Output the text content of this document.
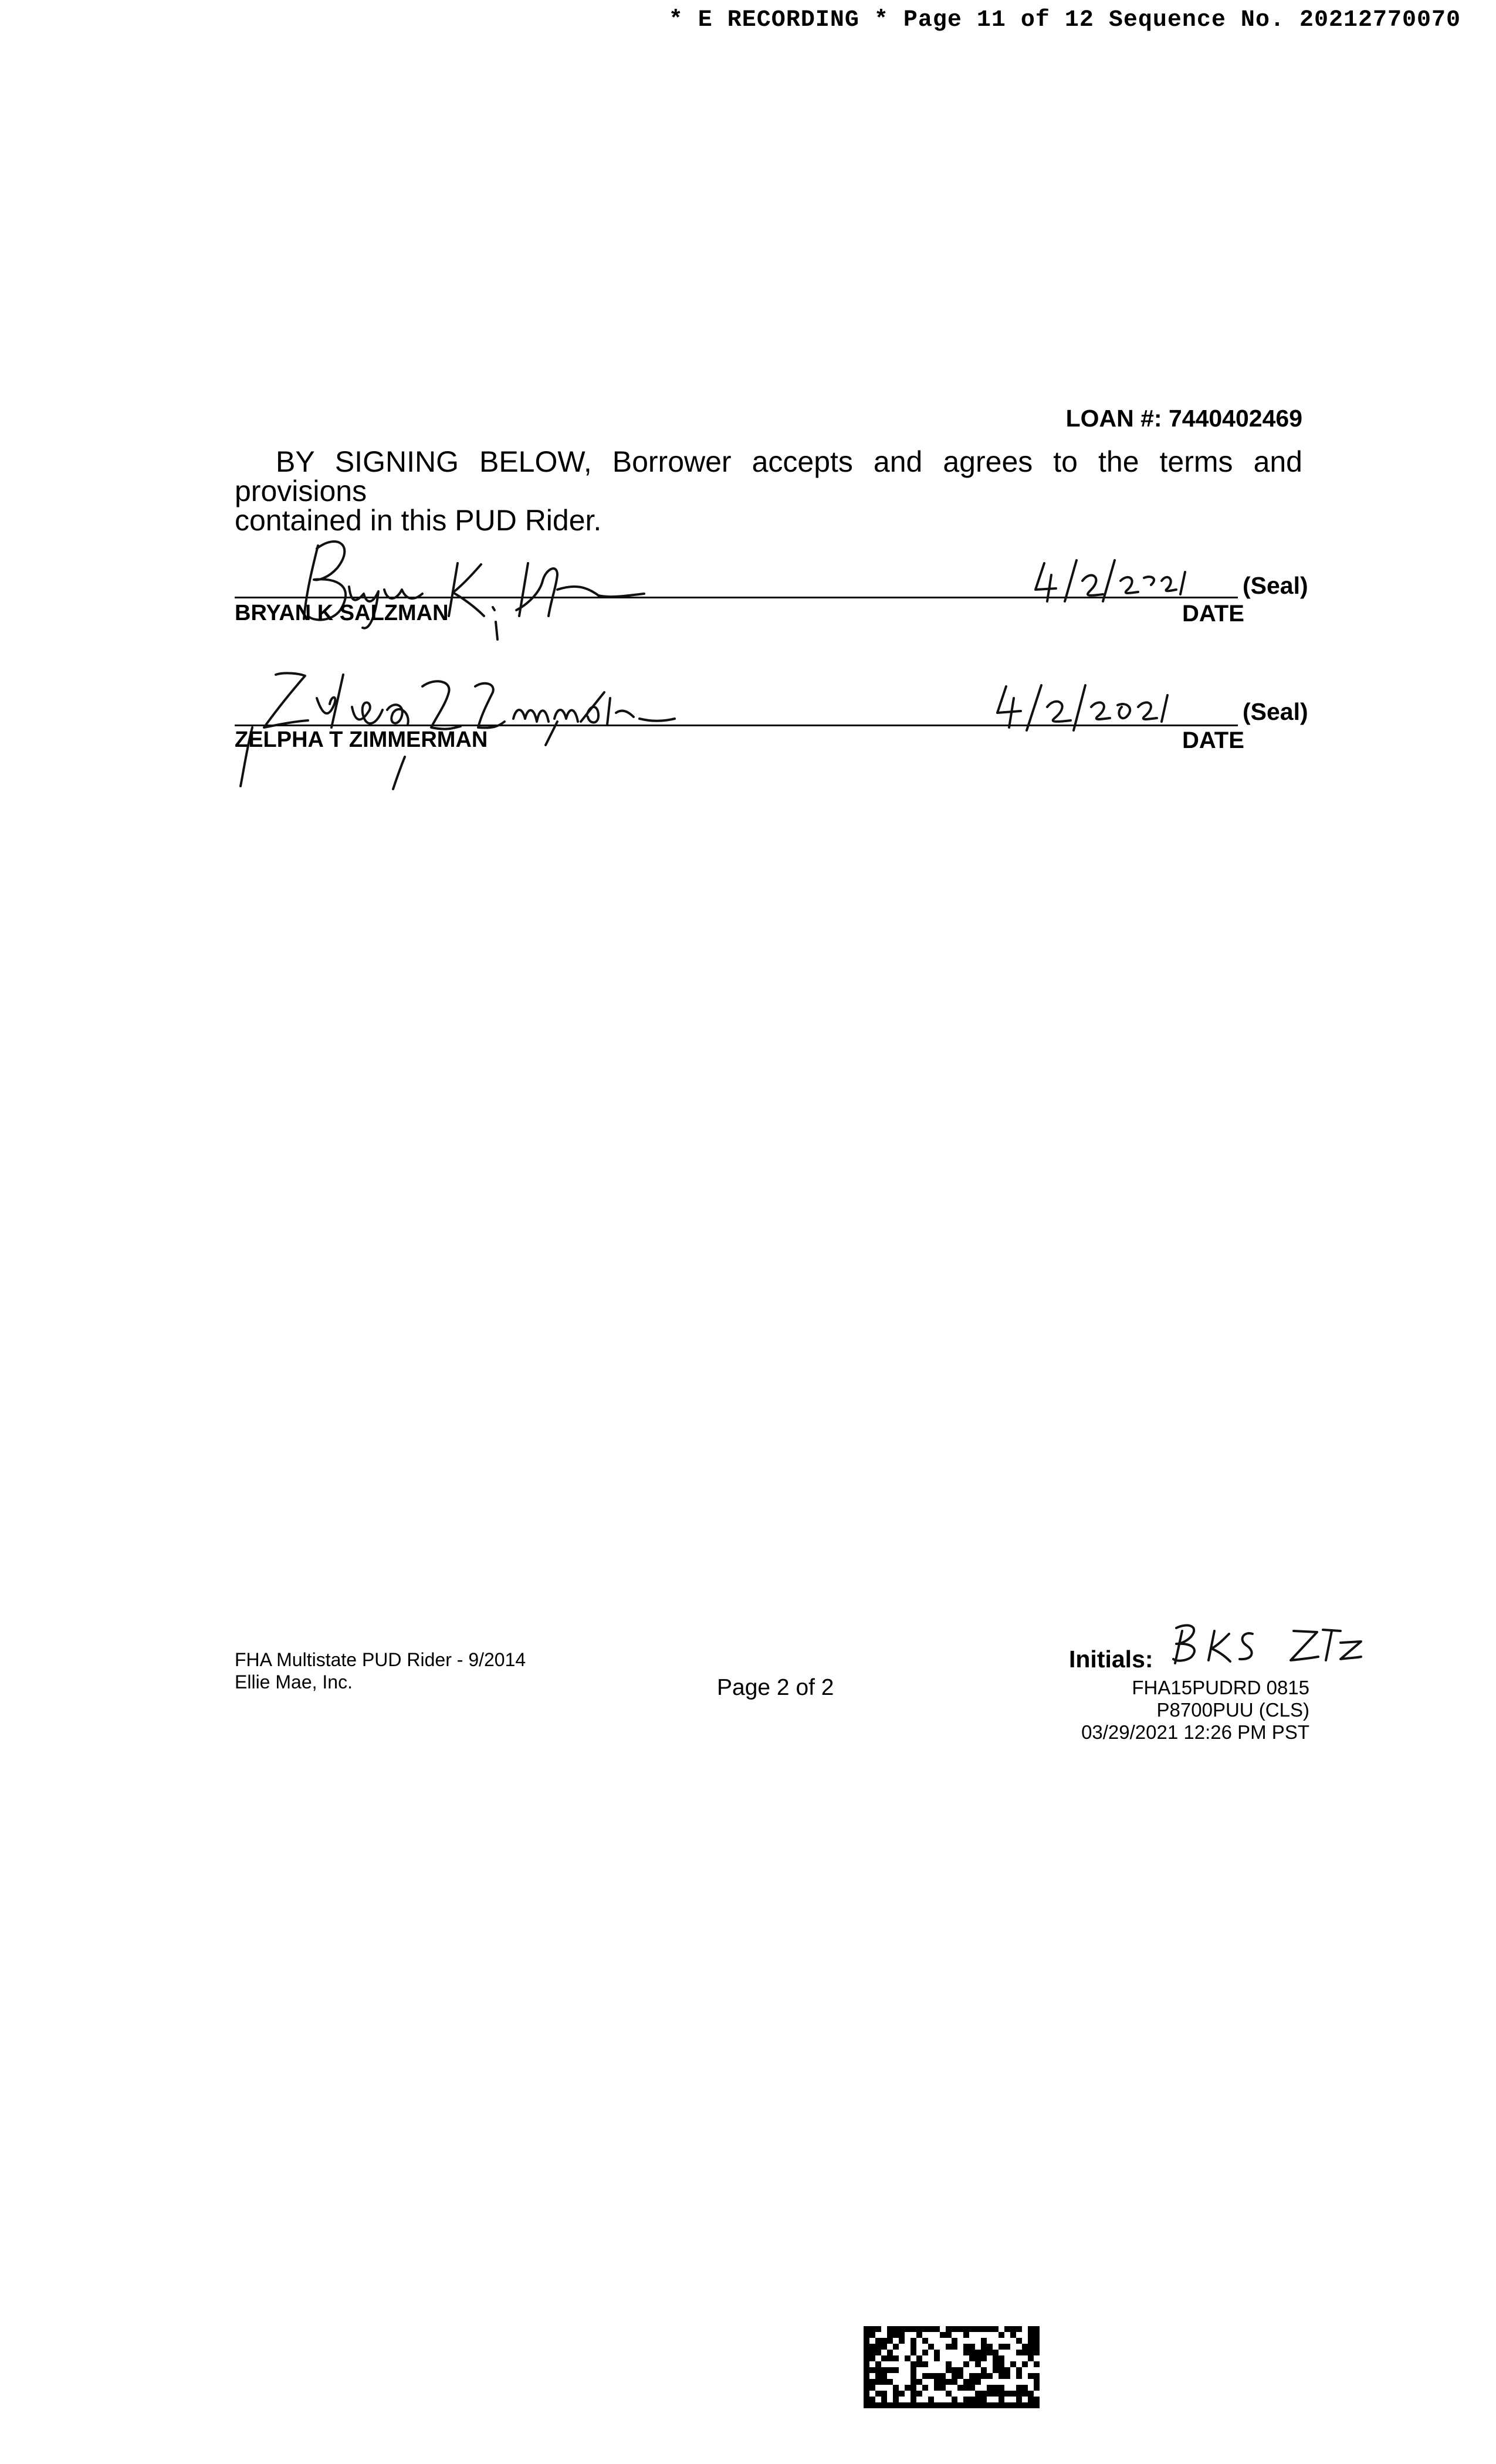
* E RECORDING * Page 11 of 12 Sequence No. 20212770070
LOAN #: 7440402469
BY SIGNING BELOW, Borrower accepts and agrees to the terms and provisions
contained in this PUD Rider.
BRYAN K SALZMAN
(Seal)
DATE
ZELPHA T ZIMMERMAN
(Seal)
DATE
FHA Multistate PUD Rider - 9/2014
Ellie Mae, Inc.	Page 2 of 2
Initials:
FHA15PUDRD 0815
P8700PUU (CLS)
03/29/2021 12:26 PM PST
